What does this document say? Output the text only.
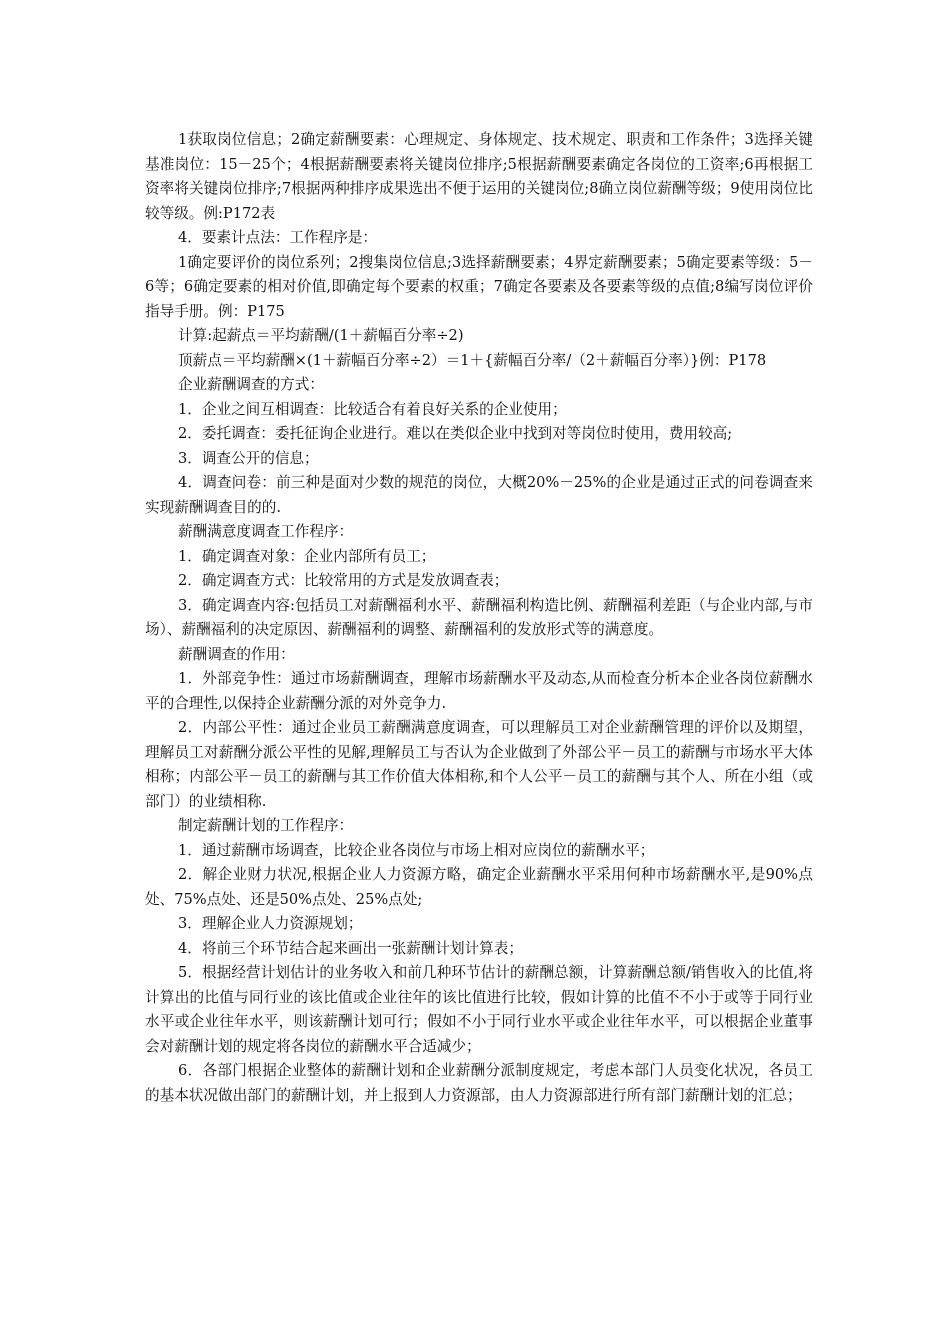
1获取岗位信息；2确定薪酬要素：心理规定、身体规定、技术规定、职责和工作条件；3选择关键基准岗位：15－25个；4根据薪酬要素将关键岗位排序;5根据薪酬要素确定各岗位的工资率;6再根据工资率将关键岗位排序;7根据两种排序成果选出不便于运用的关键岗位;8确立岗位薪酬等级；9使用岗位比较等级。例:P172表

4．要素计点法：工作程序是：

1确定要评价的岗位系列；2搜集岗位信息;3选择薪酬要素；4界定薪酬要素；5确定要素等级：5－6等；6确定要素的相对价值,即确定每个要素的权重；7确定各要素及各要素等级的点值;8编写岗位评价指导手册。例：P175

计算:起薪点＝平均薪酬/(1＋薪幅百分率÷2)

顶薪点＝平均薪酬×(1＋薪幅百分率÷2）＝1＋{薪幅百分率/（2＋薪幅百分率）}例：P178

企业薪酬调查的方式：

1．企业之间互相调查：比较适合有着良好关系的企业使用；

2．委托调查：委托征询企业进行。难以在类似企业中找到对等岗位时使用，费用较高;

3．调查公开的信息；

4．调查问卷：前三种是面对少数的规范的岗位，大概20%－25%的企业是通过正式的问卷调查来实现薪酬调查目的的.

薪酬满意度调查工作程序：

1．确定调查对象：企业内部所有员工；

2．确定调查方式：比较常用的方式是发放调查表；

3．确定调查内容:包括员工对薪酬福利水平、薪酬福利构造比例、薪酬福利差距（与企业内部,与市场）、薪酬福利的决定原因、薪酬福利的调整、薪酬福利的发放形式等的满意度。

薪酬调查的作用：

1．外部竞争性：通过市场薪酬调查，理解市场薪酬水平及动态,从而检查分析本企业各岗位薪酬水平的合理性,以保持企业薪酬分派的对外竞争力.

2．内部公平性：通过企业员工薪酬满意度调查，可以理解员工对企业薪酬管理的评价以及期望，理解员工对薪酬分派公平性的见解,理解员工与否认为企业做到了外部公平－员工的薪酬与市场水平大体相称；内部公平－员工的薪酬与其工作价值大体相称,和个人公平－员工的薪酬与其个人、所在小组（或部门）的业绩相称.

制定薪酬计划的工作程序：

1．通过薪酬市场调查，比较企业各岗位与市场上相对应岗位的薪酬水平；

2．解企业财力状况,根据企业人力资源方略，确定企业薪酬水平采用何种市场薪酬水平,是90%点处、75%点处、还是50%点处、25%点处;

3．理解企业人力资源规划；

4．将前三个环节结合起来画出一张薪酬计划计算表；

5．根据经营计划估计的业务收入和前几种环节估计的薪酬总额，计算薪酬总额/销售收入的比值,将计算出的比值与同行业的该比值或企业往年的该比值进行比较，假如计算的比值不不小于或等于同行业水平或企业往年水平，则该薪酬计划可行；假如不小于同行业水平或企业往年水平，可以根据企业董事会对薪酬计划的规定将各岗位的薪酬水平合适减少；

6．各部门根据企业整体的薪酬计划和企业薪酬分派制度规定，考虑本部门人员变化状况，各员工的基本状况做出部门的薪酬计划，并上报到人力资源部，由人力资源部进行所有部门薪酬计划的汇总；
